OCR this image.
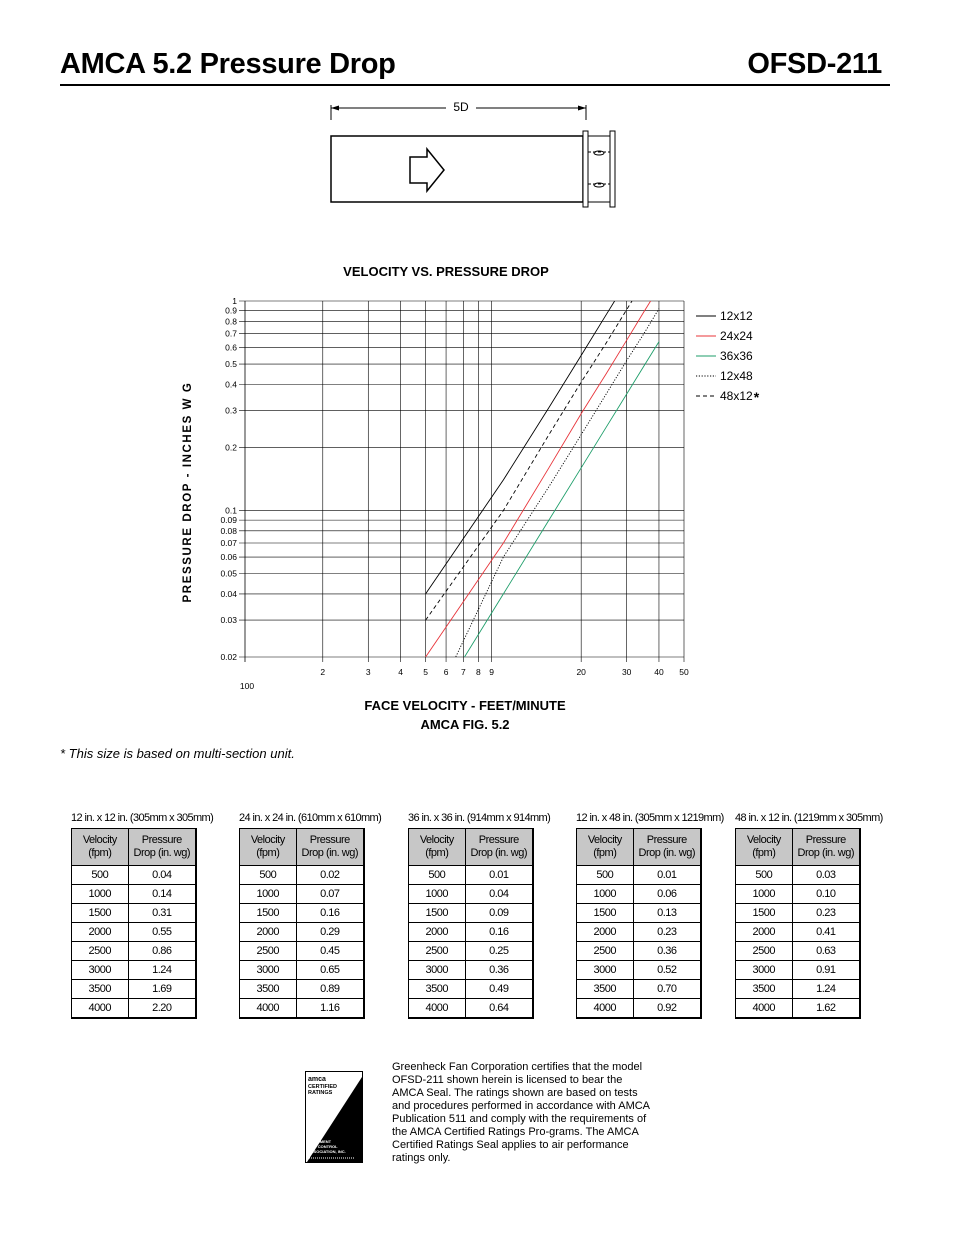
AMCA 5.2 Pressure Drop	OFSD-211
5D
VELOCITY VS. PRESSURE DROP
PRESSURE DROP - INCHES W G
1
0.9
0.8
0.7
0.6
0.5
0.4
0.3
0.2
0.1
0.09
0.08
0.07
0.06
0.05
0.04
0.03
0.02
2	3	4 5 6 7 8 9	20	30	40 50
100
12x12
24x24
36x36
12x48
48x12 *
FACE VELOCITY - FEET/MINUTE
AMCA FIG. 5.2
* This size is based on multi-section unit.
12 in. x 12 in. (305mm x 305mm)
Velocity (fpm)	Pressure Drop (in. wg)
500	0.04
1000	0.14
1500	0.31
2000	0.55
2500	0.86
3000	1.24
3500	1.69
4000	2.20
24 in. x 24 in. (610mm x 610mm)
Velocity (fpm)	Pressure Drop (in. wg)
500	0.02
1000	0.07
1500	0.16
2000	0.29
2500	0.45
3000	0.65
3500	0.89
4000	1.16
36 in. x 36 in. (914mm x 914mm)
Velocity (fpm)	Pressure Drop (in. wg)
500	0.01
1000	0.04
1500	0.09
2000	0.16
2500	0.25
3000	0.36
3500	0.49
4000	0.64
12 in. x 48 in. (305mm x 1219mm)
Velocity (fpm)	Pressure Drop (in. wg)
500	0.01
1000	0.06
1500	0.13
2000	0.23
2500	0.36
3000	0.52
3500	0.70
4000	0.92
48 in. x 12 in. (1219mm x 305mm)
Velocity (fpm)	Pressure Drop (in. wg)
500	0.03
1000	0.10
1500	0.23
2000	0.41
2500	0.63
3000	0.91
3500	1.24
4000	1.62
amca
CERTIFIED
RATINGS
AIR
PERFORMANCE
AIR
MOVEMENT
AND CONTROL
ASSOCIATION, INC.
Greenheck Fan Corporation certifies that the model OFSD-211 shown herein is licensed to bear the AMCA Seal. The ratings shown are based on tests and procedures performed in accordance with AMCA Publication 511 and comply with the requirements of the AMCA Certified Ratings Pro-grams. The AMCA Certified Ratings Seal applies to air performance ratings only.
